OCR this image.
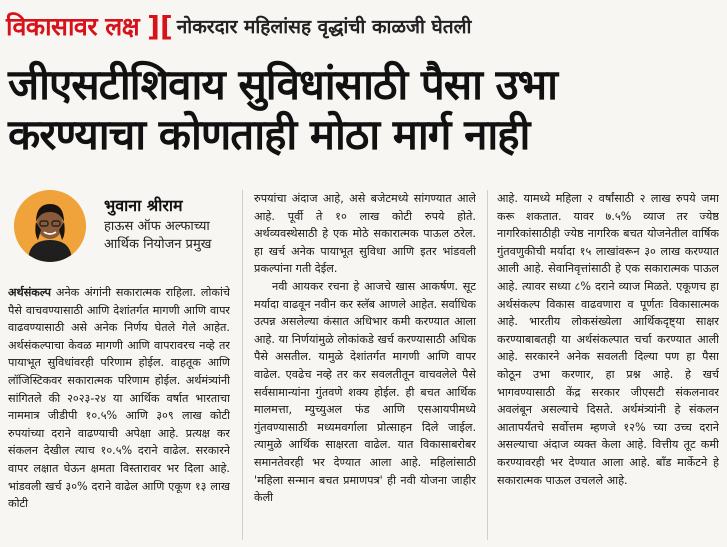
विकासावर लक्ष ][ नोकरदार महिलांसह वृद्धांची काळजी घेतली
जीएसटीशिवाय सुविधांसाठी पैसा उभा
करण्याचा कोणताही मोठा मार्ग नाही
भुवाना श्रीराम
हाऊस ऑफ अल्फाच्या
आर्थिक नियोजन प्रमुख

अर्थसंकल्प अनेक अंगांनी सकारात्मक राहिला. लोकांचे पैसे वाचवण्यासाठी आणि देशांतर्गत मागणी आणि वापर वाढवण्यासाठी असे अनेक निर्णय घेतले गेले आहेत. अर्थसंकल्पाचा केवळ मागणी आणि वापरावरच नव्हे तर पायाभूत सुविधांवरही परिणाम होईल. वाहतूक आणि लॉजिस्टिकवर सकारात्मक परिणाम होईल. अर्थमंत्र्यांनी सांगितले की २०२३-२४ या आर्थिक वर्षात भारताचा नाममात्र जीडीपी १०.५% आणि ३०९ लाख कोटी रुपयांच्या दराने वाढण्याची अपेक्षा आहे. प्रत्यक्ष कर संकलन देखील त्याच १०.५% दराने वाढेल. सरकारने वापर लक्षात घेऊन क्षमता विस्तारावर भर दिला आहे. भांडवली खर्च ३०% दराने वाढेल आणि एकूण १३ लाख कोटी

रुपयांचा अंदाज आहे, असे बजेटमध्ये सांगण्यात आले आहे. पूर्वी ते १० लाख कोटी रुपये होते. अर्थव्यवस्थेसाठी हे एक मोठे सकारात्मक पाऊल ठरेल. हा खर्च अनेक पायाभूत सुविधा आणि इतर भांडवली प्रकल्पांना गती देईल.
नवी आयकर रचना हे आजचे खास आकर्षण. सूट मर्यादा वाढवून नवीन कर स्लॅब आणले आहेत. सर्वाधिक उत्पन्न असलेल्या कंसात अधिभार कमी करण्यात आला आहे. या निर्णयांमुळे लोकांकडे खर्च करण्यासाठी अधिक पैसे असतील. यामुळे देशांतर्गत मागणी आणि वापर वाढेल. एवढेच नव्हे तर कर सवलतीतून वाचवलेले पैसे सर्वसामान्यांना गुंतवणे शक्य होईल. ही बचत आर्थिक मालमत्ता, म्युच्युअल फंड आणि एसआयपीमध्ये गुंतवण्यासाठी मध्यमवर्गाला प्रोत्साहन दिले जाईल. त्यामुळे आर्थिक साक्षरता वाढेल. यात विकासाबरोबर समानतेवरही भर देण्यात आला आहे. महिलांसाठी 'महिला सन्मान बचत प्रमाणपत्र' ही नवी योजना जाहीर केली

आहे. यामध्ये महिला २ वर्षांसाठी २ लाख रुपये जमा करू शकतात. यावर ७.५% व्याज तर ज्येष्ठ नागरिकांसाठीही ज्येष्ठ नागरिक बचत योजनेतील वार्षिक गुंतवणुकीची मर्यादा १५ लाखांवरून ३० लाख करण्यात आली आहे. सेवानिवृत्तांसाठी हे एक सकारात्मक पाऊल आहे. त्यावर सध्या ८% दराने व्याज मिळते. एकूणच हा अर्थसंकल्प विकास वाढवणारा व पूर्णतः विकासात्मक आहे. भारतीय लोकसंख्येला आर्थिकदृष्ट्या साक्षर करण्याबाबतही या अर्थसंकल्पात चर्चा करण्यात आली आहे. सरकारने अनेक सवलती दिल्या पण हा पैसा कोठून उभा करणार, हा प्रश्न आहे. हे खर्च भागवण्यासाठी केंद्र सरकार जीएसटी संकलनावर अवलंबून असल्याचे दिसते. अर्थमंत्र्यांनी हे संकलन आतापर्यंतचे सर्वोत्तम म्हणजे १२% च्या उच्च दराने असल्याचा अंदाज व्यक्त केला आहे. वित्तीय तूट कमी करण्यावरही भर देण्यात आला आहे. बाँड मार्केटने हे सकारात्मक पाऊल उचलले आहे.
